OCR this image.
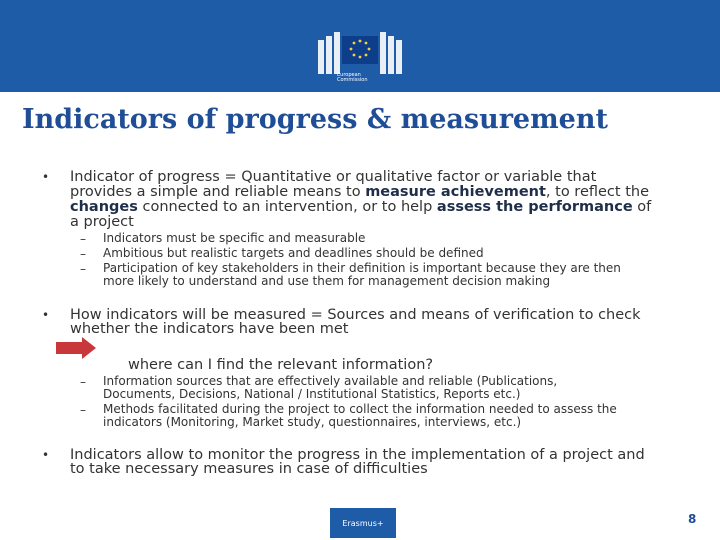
European
Commission
Indicators of progress & measurement
• Indicator of progress = Quantitative or qualitative factor or variable that
provides a simple and reliable means to measure achievement, to reflect the
changes connected to an intervention, or to help assess the performance of
a project
– Indicators must be specific and measurable
– Ambitious but realistic targets and deadlines should be defined
– Participation of key stakeholders in their definition is important because they are then
more likely to understand and use them for management decision making
• How indicators will be measured = Sources and means of verification to check
whether the indicators have been met
where can I find the relevant information?
– Information sources that are effectively available and reliable (Publications,
Documents, Decisions, National / Institutional Statistics, Reports etc.)
– Methods facilitated during the project to collect the information needed to assess the
indicators (Monitoring, Market study, questionnaires, interviews, etc.)
• Indicators allow to monitor the progress in the implementation of a project and
to take necessary measures in case of difficulties
Erasmus+	8
